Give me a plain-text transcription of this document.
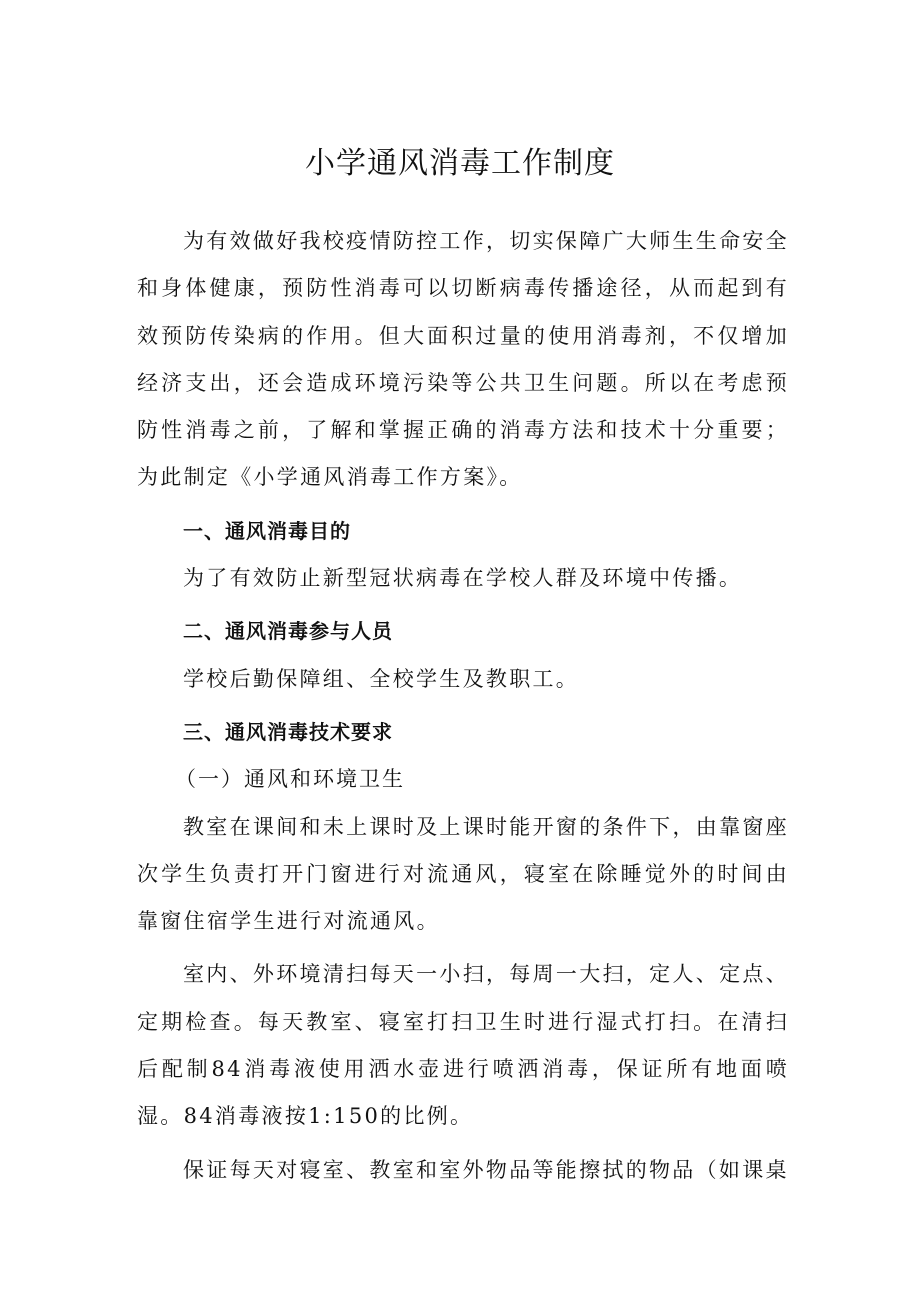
小学通风消毒工作制度

为有效做好我校疫情防控工作，切实保障广大师生生命安全和身体健康，预防性消毒可以切断病毒传播途径，从而起到有效预防传染病的作用。但大面积过量的使用消毒剂，不仅增加经济支出，还会造成环境污染等公共卫生问题。所以在考虑预防性消毒之前，了解和掌握正确的消毒方法和技术十分重要；为此制定《小学通风消毒工作方案》。

一、通风消毒目的

为了有效防止新型冠状病毒在学校人群及环境中传播。

二、通风消毒参与人员

学校后勤保障组、全校学生及教职工。

三、通风消毒技术要求

（一）通风和环境卫生

教室在课间和未上课时及上课时能开窗的条件下，由靠窗座次学生负责打开门窗进行对流通风，寝室在除睡觉外的时间由靠窗住宿学生进行对流通风。

室内、外环境清扫每天一小扫，每周一大扫，定人、定点、定期检查。每天教室、寝室打扫卫生时进行湿式打扫。在清扫后配制84消毒液使用洒水壶进行喷洒消毒，保证所有地面喷湿。84消毒液按1:150的比例。

保证每天对寝室、教室和室外物品等能擦拭的物品（如课桌
